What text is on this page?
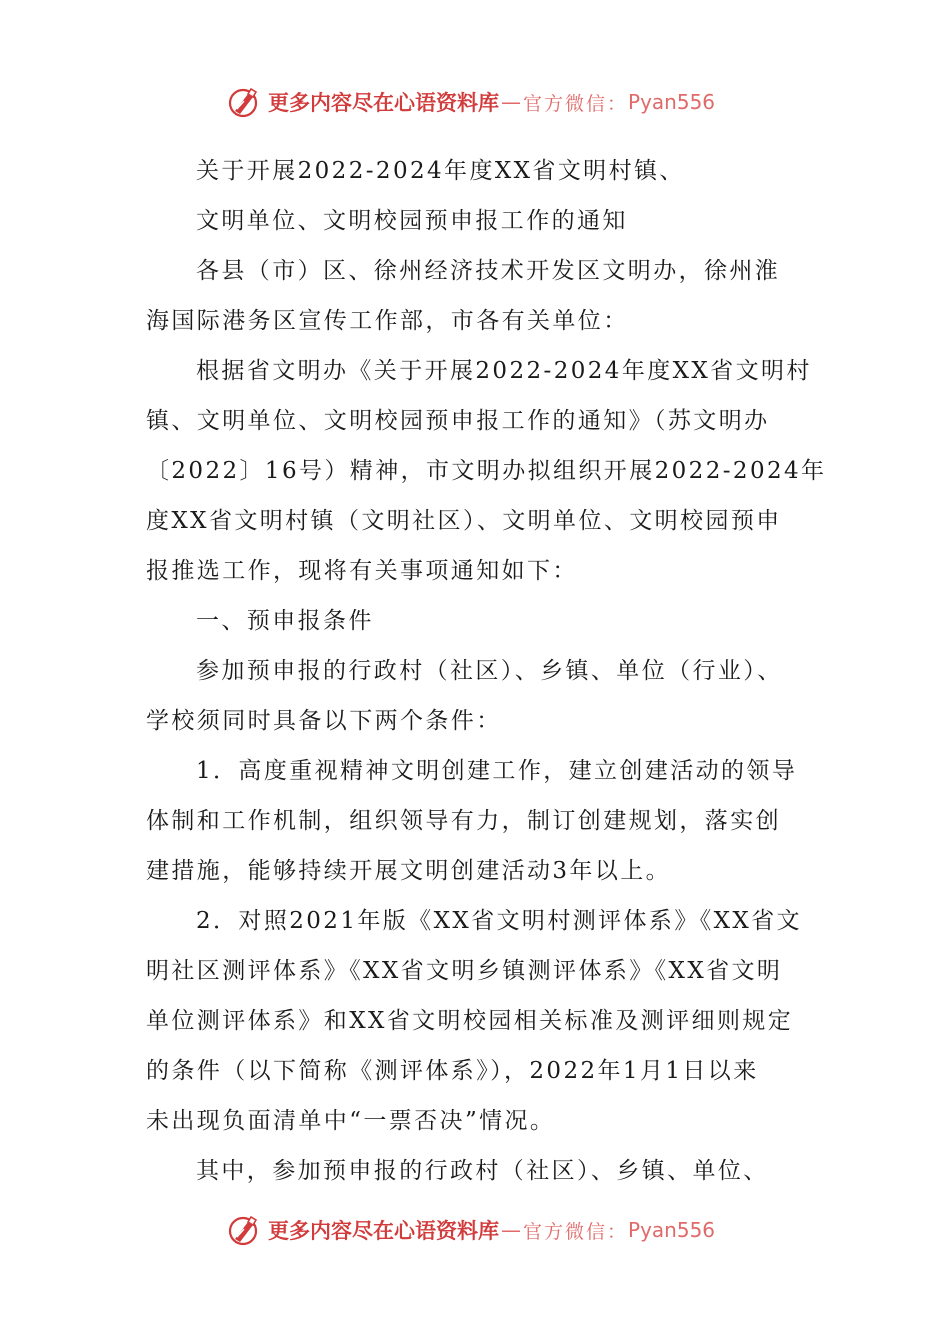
更多内容尽在心语资料库 — 官方微信： Pyan556
关于开展2022-2024年度XX省文明村镇、
文明单位、文明校园预申报工作的通知
各县（市）区、徐州经济技术开发区文明办，徐州淮
海国际港务区宣传工作部，市各有关单位：
根据省文明办《关于开展2022-2024年度XX省文明村
镇、文明单位、文明校园预申报工作的通知》（苏文明办
〔2022〕16号）精神，市文明办拟组织开展2022-2024年
度XX省文明村镇（文明社区）、文明单位、文明校园预申
报推选工作，现将有关事项通知如下：
一、预申报条件
参加预申报的行政村（社区）、乡镇、单位（行业）、
学校须同时具备以下两个条件：
1．高度重视精神文明创建工作，建立创建活动的领导
体制和工作机制，组织领导有力，制订创建规划，落实创
建措施，能够持续开展文明创建活动3年以上。
2．对照2021年版《XX省文明村测评体系》《XX省文
明社区测评体系》《XX省文明乡镇测评体系》《XX省文明
单位测评体系》和XX省文明校园相关标准及测评细则规定
的条件（以下简称《测评体系》），2022年1月1日以来
未出现负面清单中“一票否决”情况。
其中，参加预申报的行政村（社区）、乡镇、单位、
更多内容尽在心语资料库 — 官方微信： Pyan556
